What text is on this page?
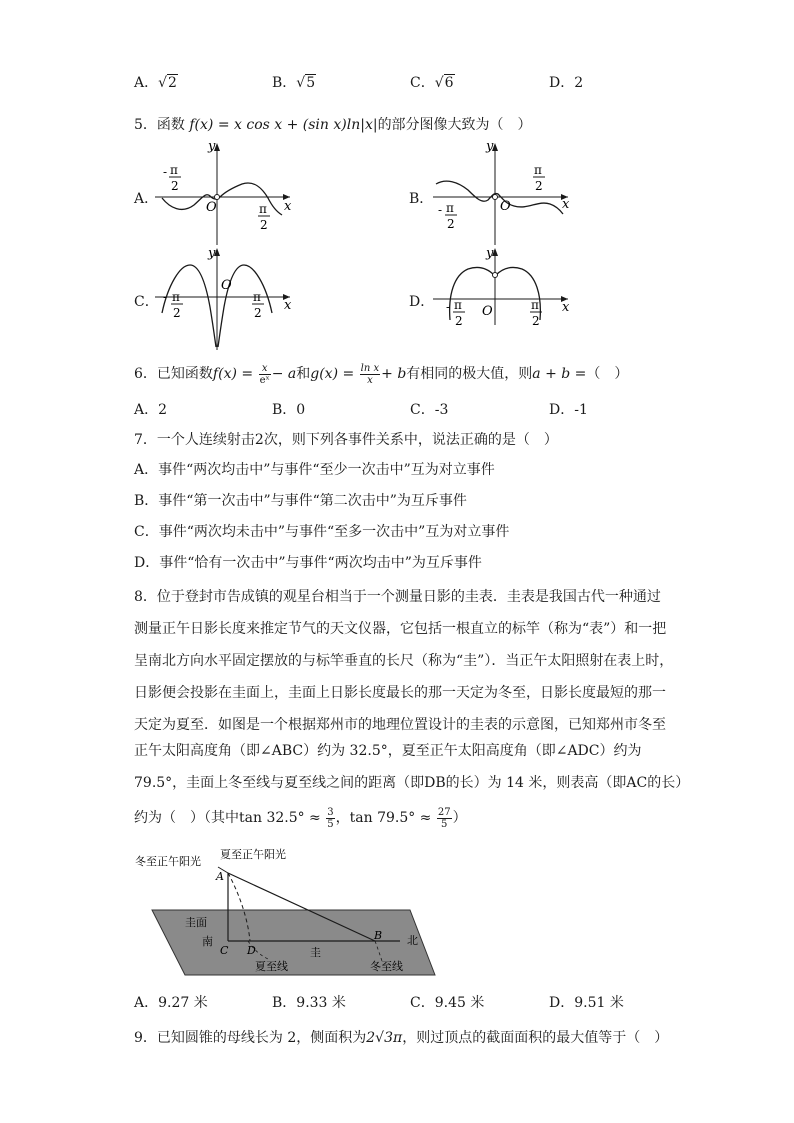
A．√2	B．√5	C．√6	D．2
5．函数 f(x) = x cos x + (sin x)ln|x|的部分图像大致为（　）
A．
y
x
O
- π
2
π
2
B．
y
x
O
- π
2
π
2
C．
y
x
O
- π
2
π
2
D．
y
x
O
- π
2
π
2
6．已知函数$f(x) = \frac{x}{\text{eˣ}} - a$和$g(x) = \frac{\text{ln x}}{x} + b$有相同的极大值，则a + b =（　）
A．2	B．0	C．-3	D．-1
7．一个人连续射击2次，则下列各事件关系中，说法正确的是（　）
A．事件“两次均击中”与事件“至少一次击中”互为对立事件
B．事件“第一次击中”与事件“第二次击中”为互斥事件
C．事件“两次均未击中”与事件“至多一次击中”互为对立事件
D．事件“恰有一次击中”与事件“两次均击中”为互斥事件
8．位于登封市告成镇的观星台相当于一个测量日影的圭表．圭表是我国古代一种通过
测量正午日影长度来推定节气的天文仪器，它包括一根直立的标竿（称为“表”）和一把
呈南北方向水平固定摆放的与标竿垂直的长尺（称为“圭”）．当正午太阳照射在表上时，
日影便会投影在圭面上，圭面上日影长度最长的那一天定为冬至，日影长度最短的那一
天定为夏至．如图是一个根据郑州市的地理位置设计的圭表的示意图，已知郑州市冬至
正午太阳高度角（即∠ABC）约为 32.5°，夏至正午太阳高度角（即∠ADC）约为
79.5°，圭面上冬至线与夏至线之间的距离（即DB的长）为 14 米，则表高（即AC的长）
约为（　）（其中$\tan 32.5^\circ \approx \frac{3}{5}$ ，$\tan 79.5^\circ \approx \frac{27}{5}$ ）
冬至正午阳光
夏至正午阳光
圭面
南	北
圭
夏至线	冬至线
A
B
C D
A．9.27 米	B．9.33 米	C．9.45 米	D．9.51 米
9．已知圆锥的母线长为 2，侧面积为2√3π，则过顶点的截面面积的最大值等于（　）
